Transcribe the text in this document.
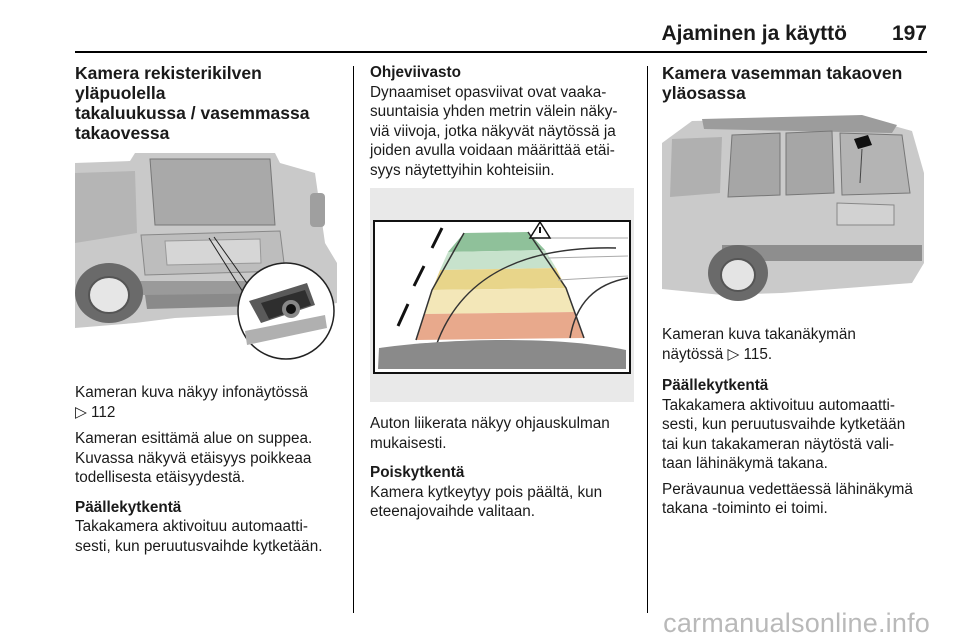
Ajaminen ja käyttö 197
Kamera rekisterikilven yläpuolella
takaluukussa / vasemmassa
takaovessa
Kameran kuva näkyy infonäytössä
▷ 112
Kameran esittämä alue on suppea.
Kuvassa näkyvä etäisyys poikkeaa
todellisesta etäisyydestä.
Päällekytkentä
Takakamera aktivoituu automaatti-
sesti, kun peruutusvaihde kytketään.
Ohjeviivasto
Dynaamiset opasviivat ovat vaaka-
suuntaisia yhden metrin välein näky-
viä viivoja, jotka näkyvät näytössä ja
joiden avulla voidaan määrittää etäi-
syys näytettyihin kohteisiin.
Auton liikerata näkyy ohjauskulman
mukaisesti.
Poiskytkentä
Kamera kytkeytyy pois päältä, kun
eteenajovaihde valitaan.
Kamera vasemman takaoven
yläosassa
Kameran kuva takanäkymän
näytössä ▷ 115.
Päällekytkentä
Takakamera aktivoituu automaatti-
sesti, kun peruutusvaihde kytketään
tai kun takakameran näytöstä vali-
taan lähinäkymä takana.
Perävaunua vedettäessä lähinäkymä
takana -toiminto ei toimi.
carmanualsonline.info
